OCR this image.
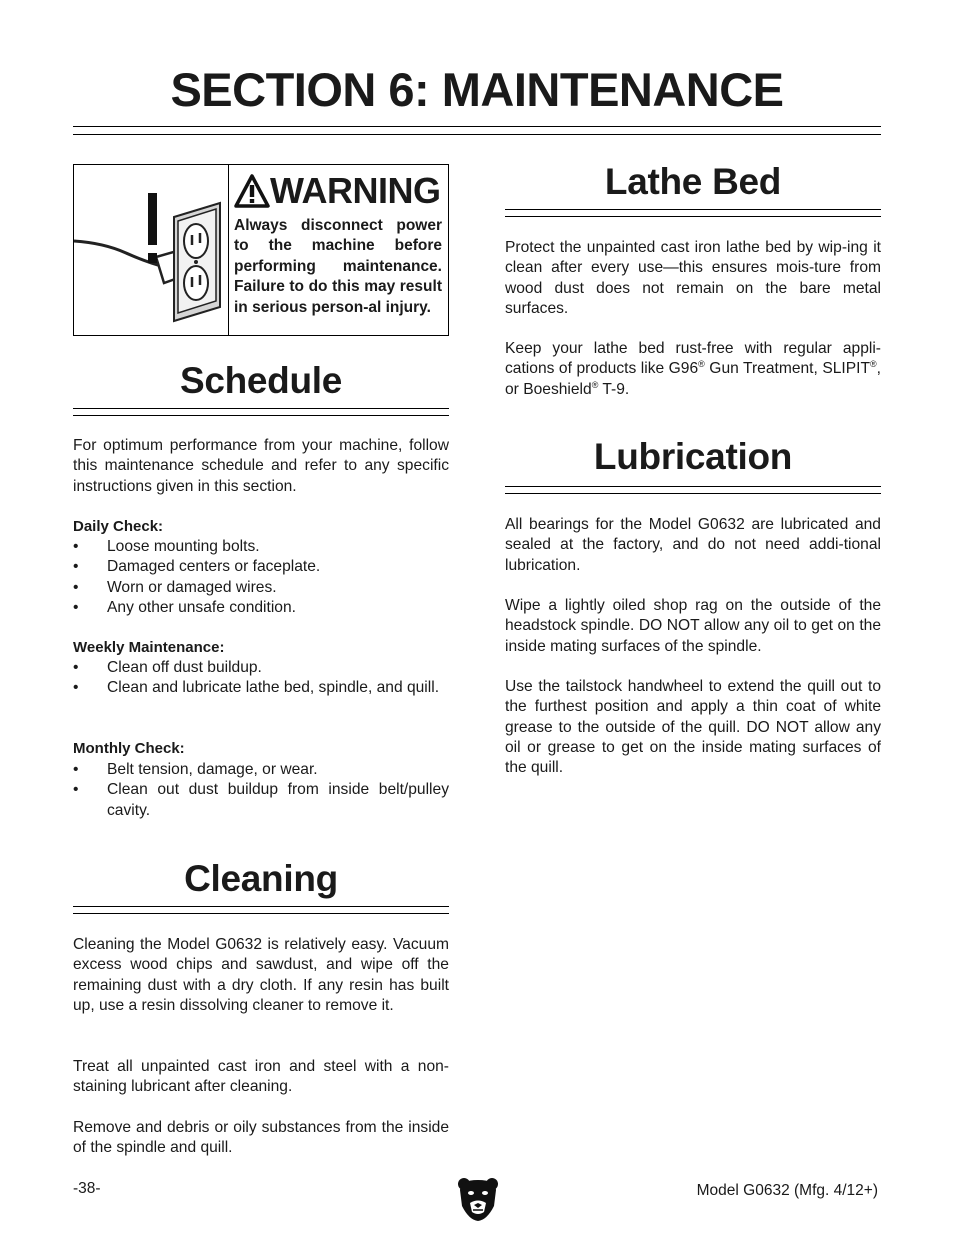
SECTION 6: MAINTENANCE
WARNING

Always disconnect power to the machine before performing maintenance. Failure to do this may result in serious person-al injury.

Schedule

For optimum performance from your machine, follow this maintenance schedule and refer to any specific instructions given in this section.

Daily Check:

• Loose mounting bolts.
• Damaged centers or faceplate.
• Worn or damaged wires.
• Any other unsafe condition.

Weekly Maintenance:

• Clean off dust buildup.
• Clean and lubricate lathe bed, spindle, and quill.

Monthly Check:

• Belt tension, damage, or wear.
• Clean out dust buildup from inside belt/pulley cavity.
Cleaning

Cleaning the Model G0632 is relatively easy. Vacuum excess wood chips and sawdust, and wipe off the remaining dust with a dry cloth. If any resin has built up, use a resin dissolving cleaner to remove it.

Treat all unpainted cast iron and steel with a non-staining lubricant after cleaning.

Remove and debris or oily substances from the inside of the spindle and quill.

Lathe Bed

Protect the unpainted cast iron lathe bed by wip-ing it clean after every use—this ensures mois-ture from wood dust does not remain on the bare metal surfaces.

Keep your lathe bed rust-free with regular appli-cations of products like G96® Gun Treatment, SLIPIT®, or Boeshield® T-9.

Lubrication

All bearings for the Model G0632 are lubricated and sealed at the factory, and do not need addi-tional lubrication.

Wipe a lightly oiled shop rag on the outside of the headstock spindle. DO NOT allow any oil to get on the inside mating surfaces of the spindle.

Use the tailstock handwheel to extend the quill out to the furthest position and apply a thin coat of white grease to the outside of the quill. DO NOT allow any oil or grease to get on the inside mating surfaces of the quill.

-38-	Model G0632 (Mfg. 4/12+)
